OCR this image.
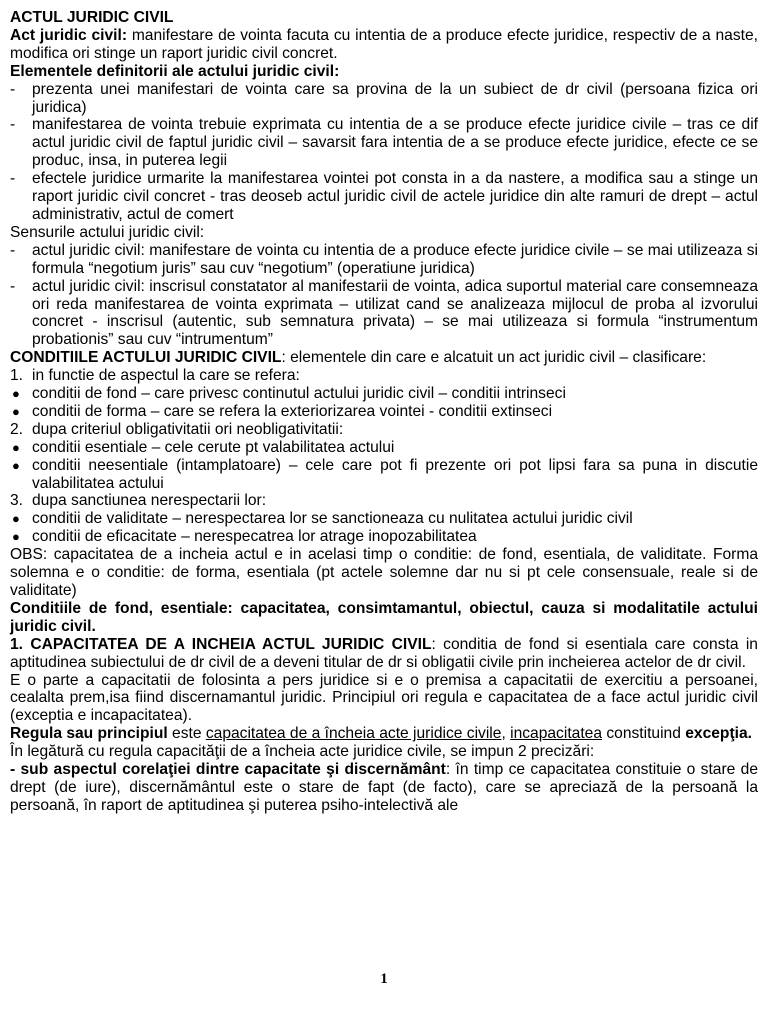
ACTUL JURIDIC CIVIL

Act juridic civil: manifestare de vointa facuta cu intentia de a produce efecte juridice, respectiv de a naste, modifica ori stinge un raport juridic civil concret.

Elementele definitorii ale actului juridic civil:
-	prezenta unei manifestari de vointa care sa provina de la un subiect de dr civil (persoana fizica ori juridica)
-	manifestarea de vointa trebuie exprimata cu intentia de a se produce efecte juridice civile – tras ce dif actul juridic civil de faptul juridic civil – savarsit fara intentia de a se produce efecte juridice, efecte ce se produc, insa, in puterea legii
-	efectele juridice urmarite la manifestarea vointei pot consta in a da nastere, a modifica sau a stinge un raport juridic civil concret - tras deoseb actul juridic civil de actele juridice din alte ramuri de drept – actul administrativ, actul de comert
Sensurile actului juridic civil:
-	actul juridic civil: manifestare de vointa cu intentia de a produce efecte juridice civile – se mai utilizeaza si formula “negotium juris” sau cuv “negotium” (operatiune juridica)
-	actul juridic civil: inscrisul constatator al manifestarii de vointa, adica suportul material care consemneaza ori reda manifestarea de vointa exprimata – utilizat cand se analizeaza mijlocul de proba al izvorului concret - inscrisul (autentic, sub semnatura privata) – se mai utilizeaza si formula “instrumentum probationis” sau cuv “intrumentum”

CONDITIILE ACTULUI JURIDIC CIVIL: elementele din care e alcatuit un act juridic civil – clasificare:

1. in functie de aspectul la care se refera:
● conditii de fond – care privesc continutul actului juridic civil – conditii intrinseci
● conditii de forma – care se refera la exteriorizarea vointei - conditii extinseci
2. dupa criteriul obligativitatii ori neobligativitatii:
● conditii esentiale – cele cerute pt valabilitatea actului
● conditii neesentiale (intamplatoare) – cele care pot fi prezente ori pot lipsi fara sa puna in discutie valabilitatea actului
3. dupa sanctiunea nerespectarii lor:
● conditii de validitate – nerespectarea lor se sanctioneaza cu nulitatea actului juridic civil
● conditii de eficacitate – nerespecatrea lor atrage inopozabilitatea

OBS: capacitatea de a incheia actul e in acelasi timp o conditie: de fond, esentiala, de validitate. Forma solemna e o conditie: de forma, esentiala (pt actele solemne dar nu si pt cele consensuale, reale si de validitate)

Conditiile de fond, esentiale: capacitatea, consimtamantul, obiectul, cauza si modalitatile actului juridic civil.

1. CAPACITATEA DE A INCHEIA ACTUL JURIDIC CIVIL: conditia de fond si esentiala care consta in aptitudinea subiectului de dr civil de a deveni titular de dr si obligatii civile prin incheierea actelor de dr civil.

E o parte a capacitatii de folosinta a pers juridice si e o premisa a capacitatii de exercitiu a persoanei, cealalta prem,isa fiind discernamantul juridic. Principiul ori regula e capacitatea de a face actul juridic civil (exceptia e incapacitatea).

Regula sau principiul este capacitatea de a încheia acte juridice civile, incapacitatea constituind excepţia.

În legătură cu regula capacităţii de a încheia acte juridice civile, se impun 2 precizări:

- sub aspectul corelaţiei dintre capacitate şi discernământ: în timp ce capacitatea constituie o stare de drept (de iure), discernământul este o stare de fapt (de facto), care se apreciază de la persoană la persoană, în raport de aptitudinea şi puterea psiho-intelectivă ale

1
